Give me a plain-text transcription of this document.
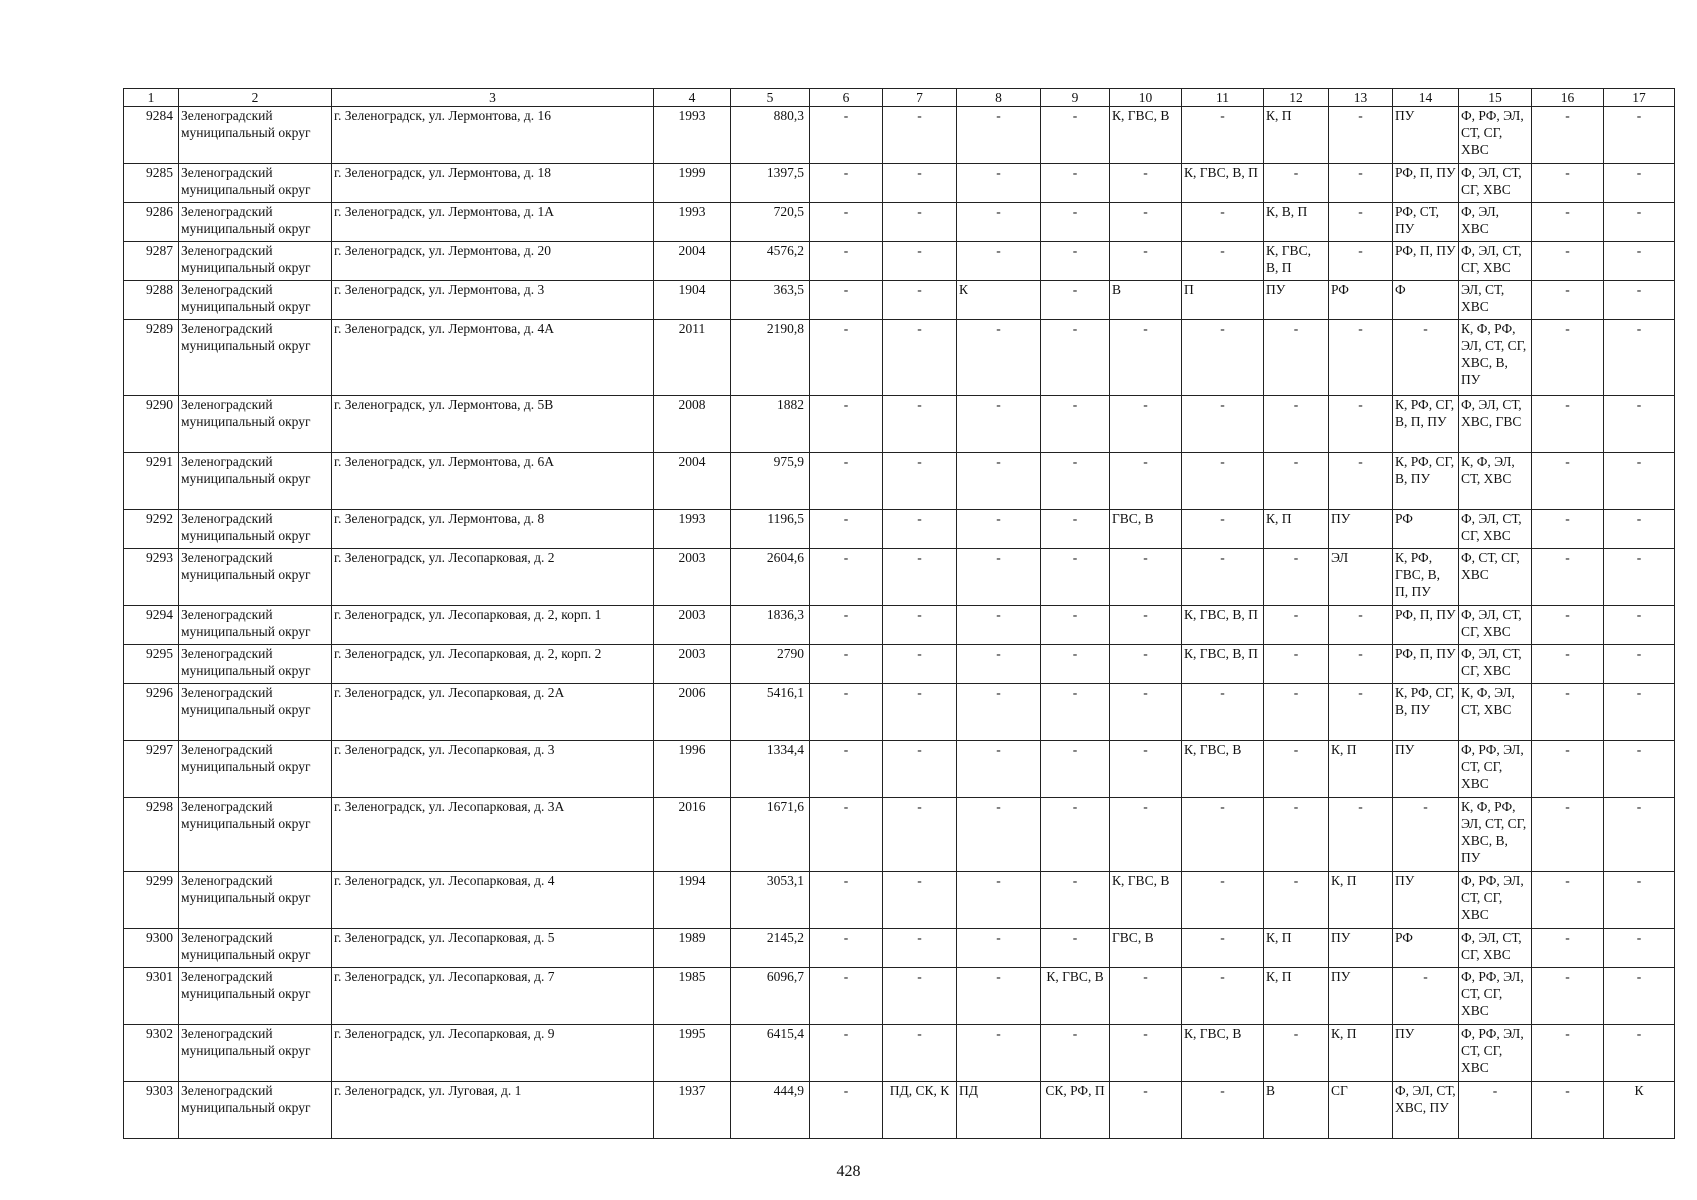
1	2	3	4	5	6	7	8	9	10	11	12	13	14	15	16	17
9284	Зеленоградский муниципальный округ	г. Зеленоградск, ул. Лермонтова, д. 16	1993	880,3	-	-	-	-	К, ГВС, В	-	К, П	-	ПУ	Ф, РФ, ЭЛ, СТ, СГ, ХВС	-	-
9285	Зеленоградский муниципальный округ	г. Зеленоградск, ул. Лермонтова, д. 18	1999	1397,5	-	-	-	-	-	К, ГВС, В, П	-	-	РФ, П, ПУ	Ф, ЭЛ, СТ, СГ, ХВС	-	-
9286	Зеленоградский муниципальный округ	г. Зеленоградск, ул. Лермонтова, д. 1А	1993	720,5	-	-	-	-	-	-	К, В, П	-	РФ, СТ, ПУ	Ф, ЭЛ, ХВС	-	-
9287	Зеленоградский муниципальный округ	г. Зеленоградск, ул. Лермонтова, д. 20	2004	4576,2	-	-	-	-	-	-	К, ГВС, В, П	-	РФ, П, ПУ	Ф, ЭЛ, СТ, СГ, ХВС	-	-
9288	Зеленоградский муниципальный округ	г. Зеленоградск, ул. Лермонтова, д. 3	1904	363,5	-	-	К	-	В	П	ПУ	РФ	Ф	ЭЛ, СТ, ХВС	-	-
9289	Зеленоградский муниципальный округ	г. Зеленоградск, ул. Лермонтова, д. 4А	2011	2190,8	-	-	-	-	-	-	-	-	-	К, Ф, РФ, ЭЛ, СТ, СГ, ХВС, В, ПУ	-	-
9290	Зеленоградский муниципальный округ	г. Зеленоградск, ул. Лермонтова, д. 5В	2008	1882	-	-	-	-	-	-	-	-	К, РФ, СГ, В, П, ПУ	Ф, ЭЛ, СТ, ХВС, ГВС	-	-
9291	Зеленоградский муниципальный округ	г. Зеленоградск, ул. Лермонтова, д. 6А	2004	975,9	-	-	-	-	-	-	-	-	К, РФ, СГ, В, ПУ	К, Ф, ЭЛ, СТ, ХВС	-	-
9292	Зеленоградский муниципальный округ	г. Зеленоградск, ул. Лермонтова, д. 8	1993	1196,5	-	-	-	-	ГВС, В	-	К, П	ПУ	РФ	Ф, ЭЛ, СТ, СГ, ХВС	-	-
9293	Зеленоградский муниципальный округ	г. Зеленоградск, ул. Лесопарковая, д. 2	2003	2604,6	-	-	-	-	-	-	-	ЭЛ	К, РФ, ГВС, В, П, ПУ	Ф, СТ, СГ, ХВС	-	-
9294	Зеленоградский муниципальный округ	г. Зеленоградск, ул. Лесопарковая, д. 2, корп. 1	2003	1836,3	-	-	-	-	-	К, ГВС, В, П	-	-	РФ, П, ПУ	Ф, ЭЛ, СТ, СГ, ХВС	-	-
9295	Зеленоградский муниципальный округ	г. Зеленоградск, ул. Лесопарковая, д. 2, корп. 2	2003	2790	-	-	-	-	-	К, ГВС, В, П	-	-	РФ, П, ПУ	Ф, ЭЛ, СТ, СГ, ХВС	-	-
9296	Зеленоградский муниципальный округ	г. Зеленоградск, ул. Лесопарковая, д. 2А	2006	5416,1	-	-	-	-	-	-	-	-	К, РФ, СГ, В, ПУ	К, Ф, ЭЛ, СТ, ХВС	-	-
9297	Зеленоградский муниципальный округ	г. Зеленоградск, ул. Лесопарковая, д. 3	1996	1334,4	-	-	-	-	-	К, ГВС, В	-	К, П	ПУ	Ф, РФ, ЭЛ, СТ, СГ, ХВС	-	-
9298	Зеленоградский муниципальный округ	г. Зеленоградск, ул. Лесопарковая, д. 3А	2016	1671,6	-	-	-	-	-	-	-	-	-	К, Ф, РФ, ЭЛ, СТ, СГ, ХВС, В, ПУ	-	-
9299	Зеленоградский муниципальный округ	г. Зеленоградск, ул. Лесопарковая, д. 4	1994	3053,1	-	-	-	-	К, ГВС, В	-	-	К, П	ПУ	Ф, РФ, ЭЛ, СТ, СГ, ХВС	-	-
9300	Зеленоградский муниципальный округ	г. Зеленоградск, ул. Лесопарковая, д. 5	1989	2145,2	-	-	-	-	ГВС, В	-	К, П	ПУ	РФ	Ф, ЭЛ, СТ, СГ, ХВС	-	-
9301	Зеленоградский муниципальный округ	г. Зеленоградск, ул. Лесопарковая, д. 7	1985	6096,7	-	-	-	К, ГВС, В	-	-	К, П	ПУ	-	Ф, РФ, ЭЛ, СТ, СГ, ХВС	-	-
9302	Зеленоградский муниципальный округ	г. Зеленоградск, ул. Лесопарковая, д. 9	1995	6415,4	-	-	-	-	-	К, ГВС, В	-	К, П	ПУ	Ф, РФ, ЭЛ, СТ, СГ, ХВС	-	-
9303	Зеленоградский муниципальный округ	г. Зеленоградск, ул. Луговая, д. 1	1937	444,9	-	ПД, СК, К	ПД	СК, РФ, П	-	-	В	СГ	Ф, ЭЛ, СТ, ХВС, ПУ	-	-	К
428
